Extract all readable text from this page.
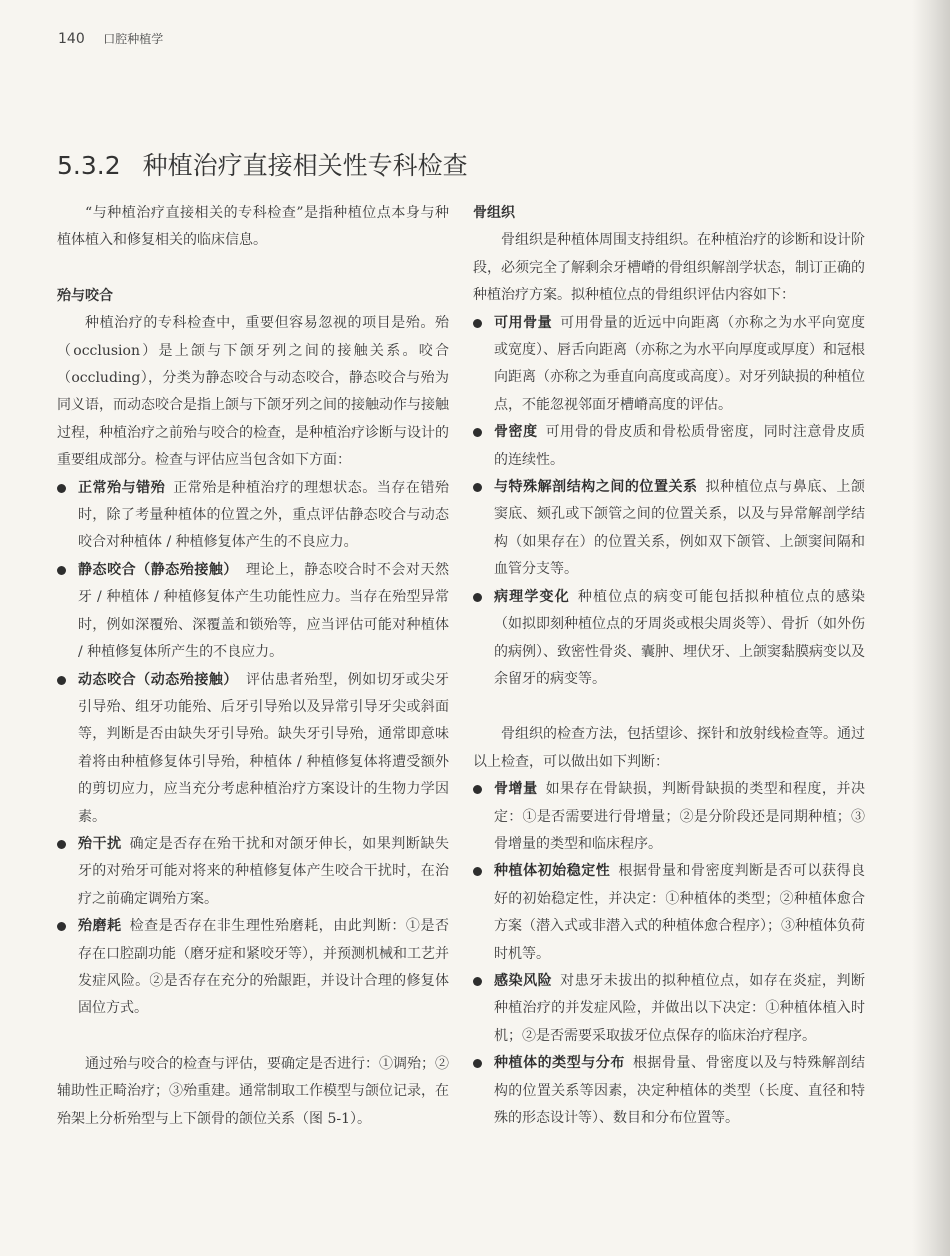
140 口腔种植学
5.3.2 种植治疗直接相关性专科检查

“与种植治疗直接相关的专科检查”是指种植位点本身与种植体植入和修复相关的临床信息。

殆与咬合

种植治疗的专科检查中，重要但容易忽视的项目是殆。殆（occlusion）是上颌与下颌牙列之间的接触关系。咬合（occluding），分类为静态咬合与动态咬合，静态咬合与殆为同义语，而动态咬合是指上颌与下颌牙列之间的接触动作与接触过程，种植治疗之前殆与咬合的检查，是种植治疗诊断与设计的重要组成部分。检查与评估应当包含如下方面：

正常殆与错殆 正常殆是种植治疗的理想状态。当存在错殆时，除了考量种植体的位置之外，重点评估静态咬合与动态咬合对种植体 / 种植修复体产生的不良应力。
静态咬合（静态殆接触） 理论上，静态咬合时不会对天然牙 / 种植体 / 种植修复体产生功能性应力。当存在殆型异常时，例如深覆殆、深覆盖和锁殆等，应当评估可能对种植体 / 种植修复体所产生的不良应力。
动态咬合（动态殆接触） 评估患者殆型，例如切牙或尖牙引导殆、组牙功能殆、后牙引导殆以及异常引导牙尖或斜面等，判断是否由缺失牙引导殆。缺失牙引导殆，通常即意味着将由种植修复体引导殆，种植体 / 种植修复体将遭受额外的剪切应力，应当充分考虑种植治疗方案设计的生物力学因素。
殆干扰 确定是否存在殆干扰和对颌牙伸长，如果判断缺失牙的对殆牙可能对将来的种植修复体产生咬合干扰时，在治疗之前确定调殆方案。
殆磨耗 检查是否存在非生理性殆磨耗，由此判断：①是否存在口腔副功能（磨牙症和紧咬牙等），并预测机械和工艺并发症风险。②是否存在充分的殆龈距，并设计合理的修复体固位方式。

通过殆与咬合的检查与评估，要确定是否进行：①调殆；②辅助性正畸治疗；③殆重建。通常制取工作模型与颌位记录，在殆架上分析殆型与上下颌骨的颌位关系（图 5-1）。

骨组织

骨组织是种植体周围支持组织。在种植治疗的诊断和设计阶段，必须完全了解剩余牙槽嵴的骨组织解剖学状态，制订正确的种植治疗方案。拟种植位点的骨组织评估内容如下：

可用骨量 可用骨量的近远中向距离（亦称之为水平向宽度或宽度）、唇舌向距离（亦称之为水平向厚度或厚度）和冠根向距离（亦称之为垂直向高度或高度）。对牙列缺损的种植位点，不能忽视邻面牙槽嵴高度的评估。
骨密度 可用骨的骨皮质和骨松质骨密度，同时注意骨皮质的连续性。
与特殊解剖结构之间的位置关系 拟种植位点与鼻底、上颌窦底、颏孔或下颌管之间的位置关系，以及与异常解剖学结构（如果存在）的位置关系，例如双下颌管、上颌窦间隔和血管分支等。
病理学变化 种植位点的病变可能包括拟种植位点的感染（如拟即刻种植位点的牙周炎或根尖周炎等）、骨折（如外伤的病例）、致密性骨炎、囊肿、埋伏牙、上颌窦黏膜病变以及余留牙的病变等。

骨组织的检查方法，包括望诊、探针和放射线检查等。通过以上检查，可以做出如下判断：

骨增量 如果存在骨缺损，判断骨缺损的类型和程度，并决定：①是否需要进行骨增量；②是分阶段还是同期种植；③骨增量的类型和临床程序。
种植体初始稳定性 根据骨量和骨密度判断是否可以获得良好的初始稳定性，并决定：①种植体的类型；②种植体愈合方案（潜入式或非潜入式的种植体愈合程序）；③种植体负荷时机等。
感染风险 对患牙未拔出的拟种植位点，如存在炎症，判断种植治疗的并发症风险，并做出以下决定：①种植体植入时机；②是否需要采取拔牙位点保存的临床治疗程序。
种植体的类型与分布 根据骨量、骨密度以及与特殊解剖结构的位置关系等因素，决定种植体的类型（长度、直径和特殊的形态设计等）、数目和分布位置等。
